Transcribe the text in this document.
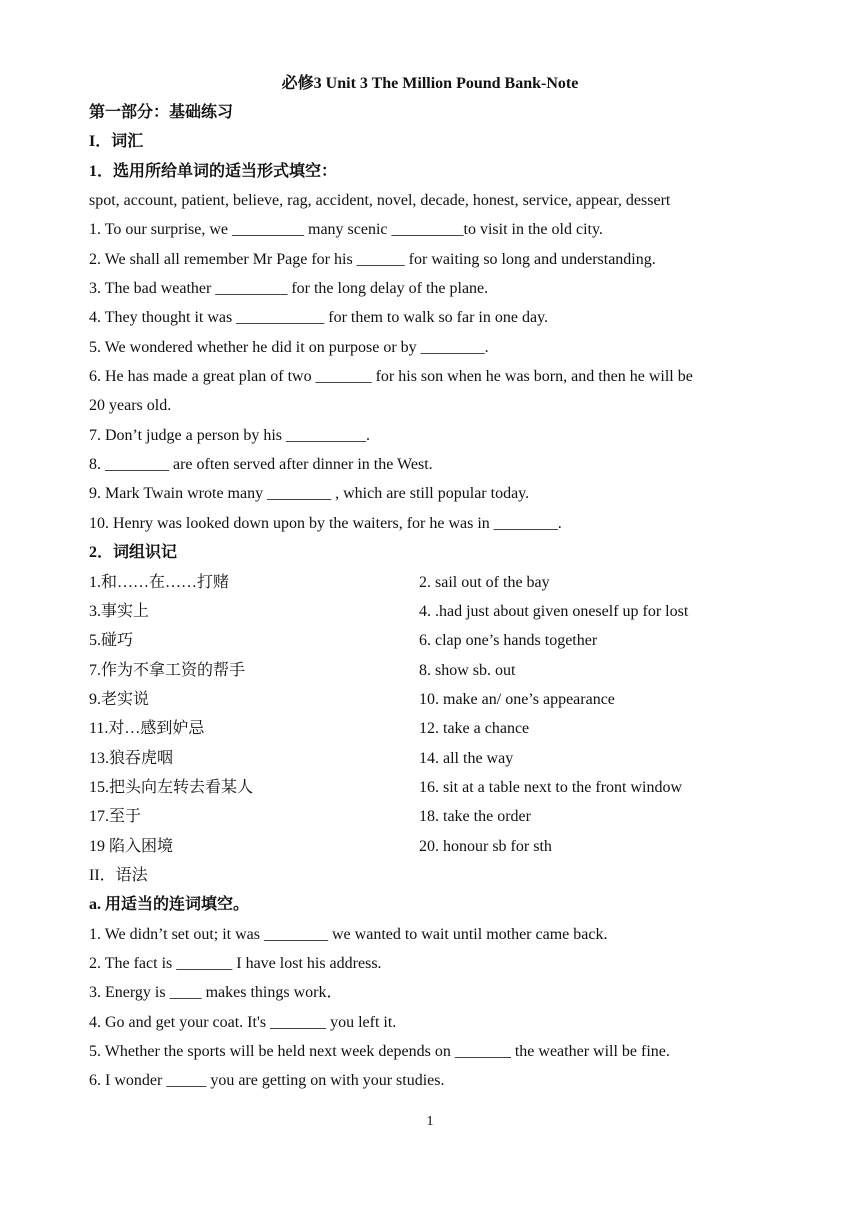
必修3 Unit 3 The Million Pound Bank-Note
第一部分：基础练习
I．词汇
1．选用所给单词的适当形式填空：
spot, account, patient, believe, rag, accident, novel, decade, honest, service, appear, dessert
1. To our surprise, we _________ many scenic _________to visit in the old city.
2. We shall all remember Mr Page for his ______ for waiting so long and understanding.
3. The bad weather _________ for the long delay of the plane.
4. They thought it was ___________ for them to walk so far in one day.
5. We wondered whether he did it on purpose or by ________.
6. He has made a great plan of two _______ for his son when he was born, and then he will be
20 years old.
7. Don’t judge a person by his __________.
8. ________ are often served after dinner in the West.
9. Mark Twain wrote many ________ , which are still popular today.
10. Henry was looked down upon by the waiters, for he was in ________.
2．词组识记
1.和……在……打赌	2. sail out of the bay
3.事实上	4. .had just about given oneself up for lost
5.碰巧	6. clap one’s hands together
7.作为不拿工资的帮手	8. show sb. out
9.老实说	10. make an/ one’s appearance
11.对…感到妒忌	12. take a chance
13.狼吞虎咽	14. all the way
15.把头向左转去看某人	16. sit at a table next to the front window
17.至于	18. take the order
19 陷入困境	20. honour sb for sth
II．语法
a. 用适当的连词填空。
1. We didn’t set out; it was ________ we wanted to wait until mother came back.
2. The fact is _______ I have lost his address.
3. Energy is ____ makes things work．
4. Go and get your coat. It's _______ you left it.
5. Whether the sports will be held next week depends on _______ the weather will be fine.
6. I wonder _____ you are getting on with your studies.
1
